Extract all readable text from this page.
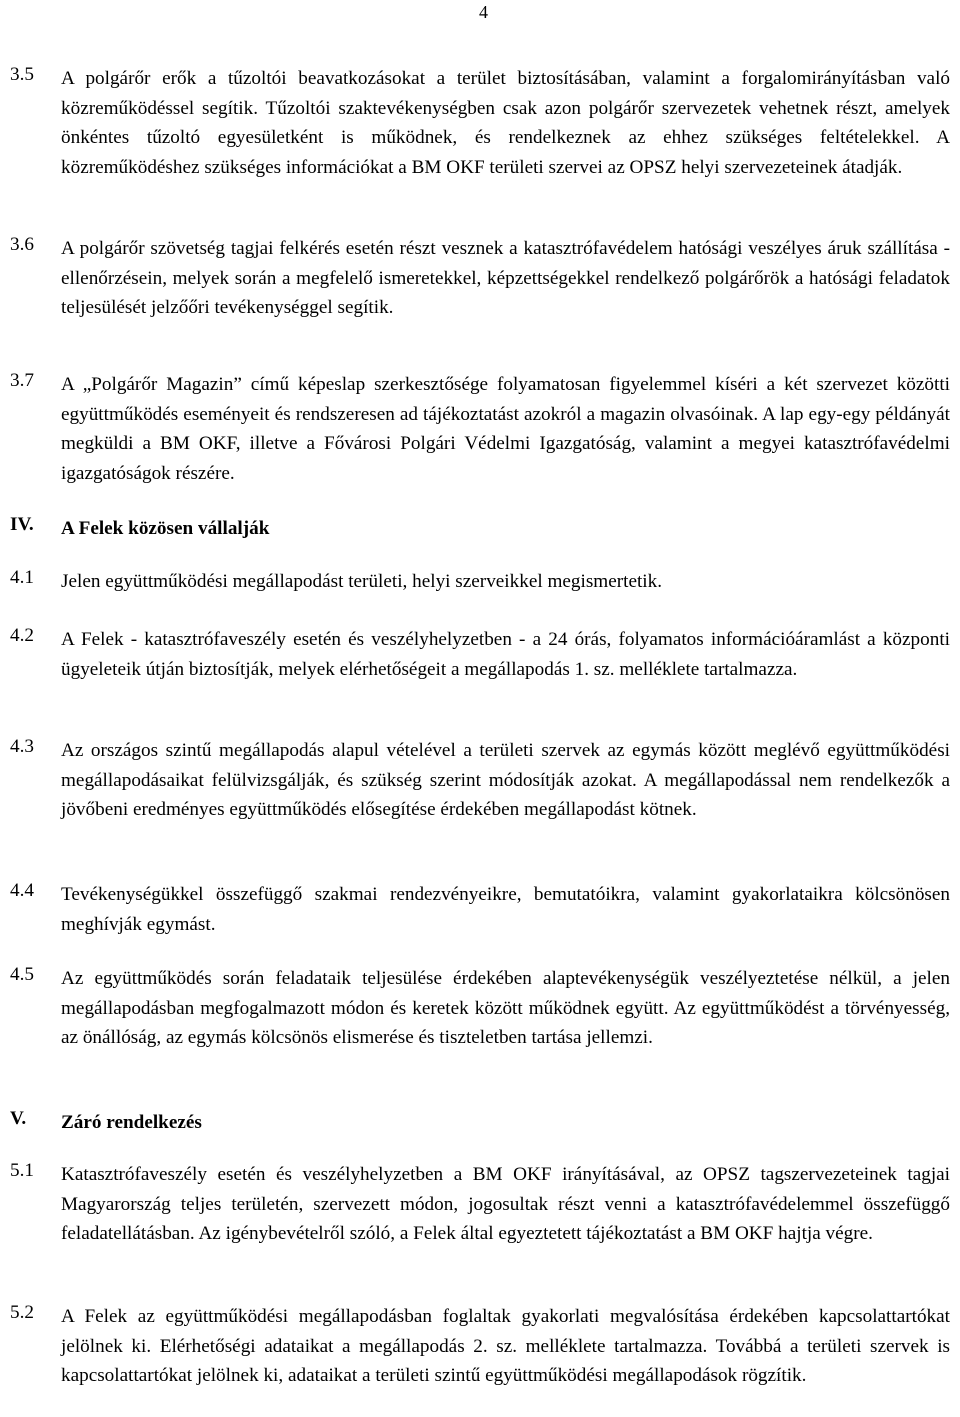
4
3.5 A polgárőr erők a tűzoltói beavatkozásokat a terület biztosításában, valamint a forgalomirányításban való közreműködéssel segítik. Tűzoltói szaktevékenységben csak azon polgárőr szervezetek vehetnek részt, amelyek önkéntes tűzoltó egyesületként is működnek, és rendelkeznek az ehhez szükséges feltételekkel. A közreműködéshez szükséges információkat a BM OKF területi szervei az OPSZ helyi szervezeteinek átadják.
3.6 A polgárőr szövetség tagjai felkérés esetén részt vesznek a katasztrófavédelem hatósági veszélyes áruk szállítása - ellenőrzésein, melyek során a megfelelő ismeretekkel, képzettségekkel rendelkező polgárőrök a hatósági feladatok teljesülését jelzőőri tevékenységgel segítik.
3.7 A „Polgárőr Magazin” című képeslap szerkesztősége folyamatosan figyelemmel kíséri a két szervezet közötti együttműködés eseményeit és rendszeresen ad tájékoztatást azokról a magazin olvasóinak. A lap egy-egy példányát megküldi a BM OKF, illetve a Fővárosi Polgári Védelmi Igazgatóság, valamint a megyei katasztrófavédelmi igazgatóságok részére.
IV. A Felek közösen vállalják
4.1 Jelen együttműködési megállapodást területi, helyi szerveikkel megismertetik.
4.2 A Felek - katasztrófaveszély esetén és veszélyhelyzetben - a 24 órás, folyamatos információáramlást a központi ügyeleteik útján biztosítják, melyek elérhetőségeit a megállapodás 1. sz. melléklete tartalmazza.
4.3 Az országos szintű megállapodás alapul vételével a területi szervek az egymás között meglévő együttműködési megállapodásaikat felülvizsgálják, és szükség szerint módosítják azokat. A megállapodással nem rendelkezők a jövőbeni eredményes együttműködés elősegítése érdekében megállapodást kötnek.
4.4 Tevékenységükkel összefüggő szakmai rendezvényeikre, bemutatóikra, valamint gyakorlataikra kölcsönösen meghívják egymást.
4.5 Az együttműködés során feladataik teljesülése érdekében alaptevékenységük veszélyeztetése nélkül, a jelen megállapodásban megfogalmazott módon és keretek között működnek együtt. Az együttműködést a törvényesség, az önállóság, az egymás kölcsönös elismerése és tiszteletben tartása jellemzi.
V. Záró rendelkezés
5.1 Katasztrófaveszély esetén és veszélyhelyzetben a BM OKF irányításával, az OPSZ tagszervezeteinek tagjai Magyarország teljes területén, szervezett módon, jogosultak részt venni a katasztrófavédelemmel összefüggő feladatellátásban. Az igénybevételről szóló, a Felek által egyeztetett tájékoztatást a BM OKF hajtja végre.
5.2 A Felek az együttműködési megállapodásban foglaltak gyakorlati megvalósítása érdekében kapcsolattartókat jelölnek ki. Elérhetőségi adataikat a megállapodás 2. sz. melléklete tartalmazza. Továbbá a területi szervek is kapcsolattartókat jelölnek ki, adataikat a területi szintű együttműködési megállapodások rögzítik.
